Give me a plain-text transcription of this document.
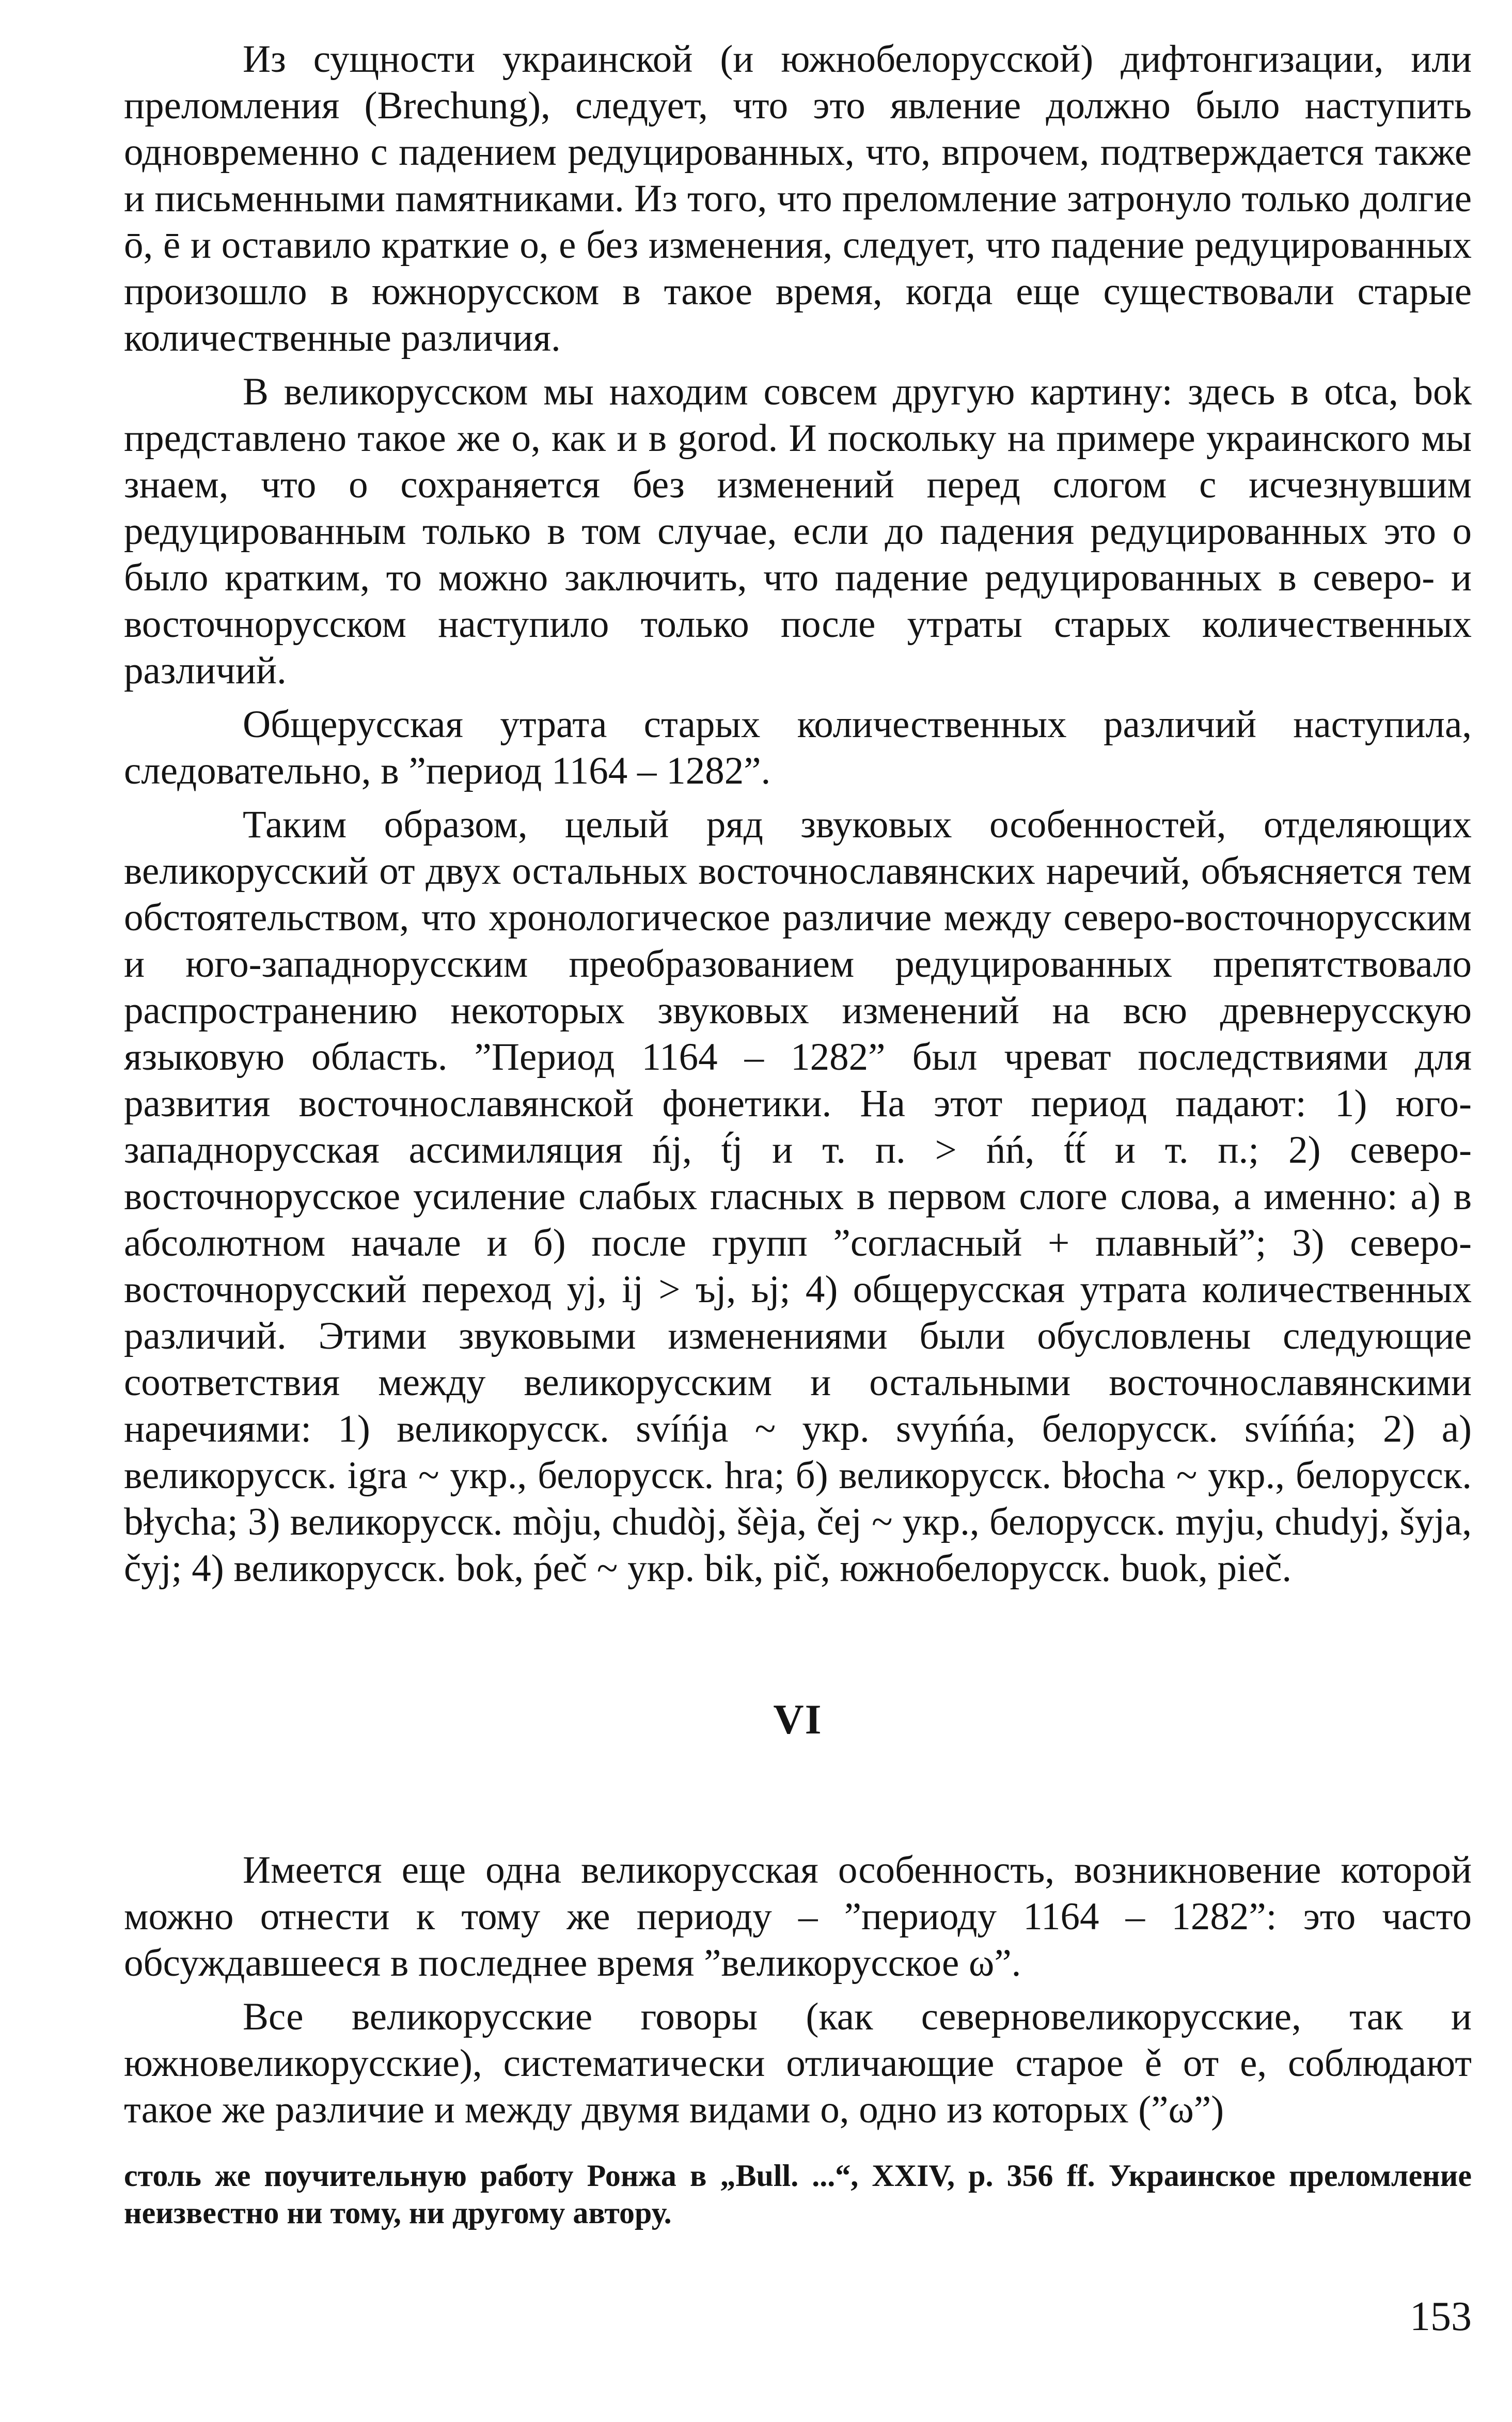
Из сущности украинской (и южнобелорусской) дифтонгизации, или преломления (Brechung), следует, что это явление должно было наступить одновременно с падением редуцированных, что, впрочем, подтверждается также и письменными памятниками. Из того, что преломление затронуло только долгие ō, ē и оставило краткие о, е без изменения, следует, что падение редуцированных произошло в южнорусском в такое время, когда еще существовали старые количественные различия.

В великорусском мы находим совсем другую картину: здесь в otca, bok представлено такое же о, как и в gorod. И поскольку на примере украинского мы знаем, что о сохраняется без изменений перед слогом с исчезнувшим редуцированным только в том случае, если до падения редуцированных это о было кратким, то можно заключить, что падение редуцированных в северо- и восточнорусском наступило только после утраты старых количественных различий.

Общерусская утрата старых количественных различий наступила, следовательно, в ”период 1164 – 1282”.

Таким образом, целый ряд звуковых особенностей, отделяющих великорусский от двух остальных восточнославянских наречий, объясняется тем обстоятельством, что хронологическое различие между северо-восточнорусским и юго-западнорусским преобразованием редуцированных препятствовало распространению некоторых звуковых изменений на всю древнерусскую языковую область. ”Период 1164 – 1282” был чреват последствиями для развития восточнославянской фонетики. На этот период падают: 1) юго-западнорусская ассимиляция ńj, t́j и т. п. > ńń, t́t́ и т. п.; 2) северо-восточнорусское усиление слабых гласных в первом слоге слова, а именно: а) в абсолютном начале и б) после групп ”согласный + плавный”; 3) северо-восточнорусский переход yj, ij > ъj, ьj; 4) общерусская утрата количественных различий. Этими звуковыми изменениями были обусловлены следующие соответствия между великорусским и остальными восточнославянскими наречиями: 1) великорусск. svíńja ~ укр. svyńńa, белорусск. svíńńa; 2) а) великорусск. igra ~ укр., белорусск. hra; б) великорусск. błocha ~ укр., белорусск. błycha; 3) великорусск. mòju, chudòj, šèja, čej ~ укр., белорусск. myju, chudyj, šyja, čyj; 4) великорусск. bok, ṕeč ~ укр. bik, pič, южнобелорусск. buok, pieč.

VI

Имеется еще одна великорусская особенность, возникновение которой можно отнести к тому же периоду – ”периоду 1164 – 1282”: это часто обсуждавшееся в последнее время ”великорусское ω”.

Все великорусские говоры (как северновеликорусские, так и южновеликорусские), систематически отличающие старое ě от е, соблюдают такое же различие и между двумя видами о, одно из которых (”ω”)

столь же поучительную работу Ронжа в „Bull. ...“, XXIV, p. 356 ff. Украинское преломление неизвестно ни тому, ни другому автору.

153
